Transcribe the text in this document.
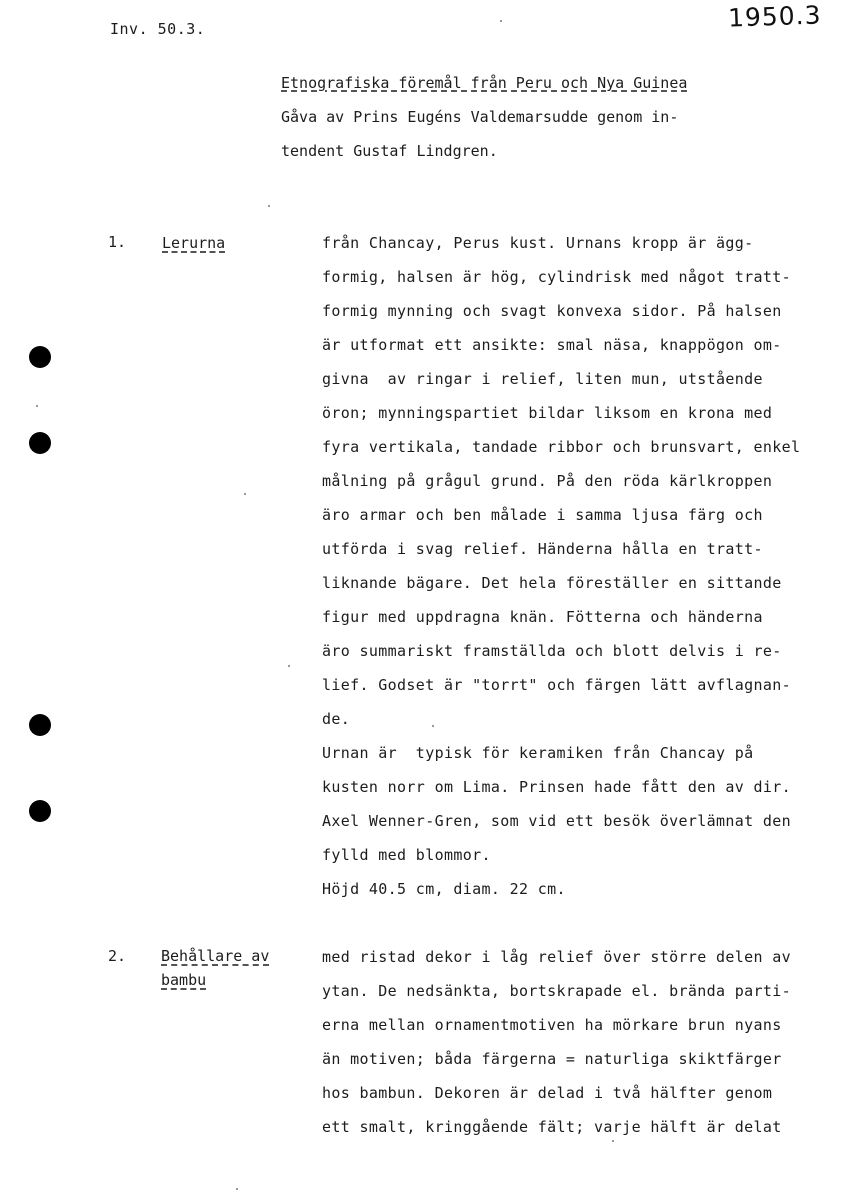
Inv. 50.3.	1950.3
Etnografiska föremål från Peru och Nya Guinea
Gåva av Prins Eugéns Valdemarsudde genom in-
tendent Gustaf Lindgren.
1. Lerurna	från Chancay, Perus kust. Urnans kropp är ägg-
formig, halsen är hög, cylindrisk med något tratt-
formig mynning och svagt konvexa sidor. På halsen
är utformat ett ansikte: smal näsa, knappögon om-
givna  av ringar i relief, liten mun, utstående
öron; mynningspartiet bildar liksom en krona med
fyra vertikala, tandade ribbor och brunsvart, enkel
målning på grågul grund. På den röda kärlkroppen
äro armar och ben målade i samma ljusa färg och
utförda i svag relief. Händerna hålla en tratt-
liknande bägare. Det hela föreställer en sittande
figur med uppdragna knän. Fötterna och händerna
äro summariskt framställda och blott delvis i re-
lief. Godset är "torrt" och färgen lätt avflagnan-
de.
Urnan är  typisk för keramiken från Chancay på
kusten norr om Lima. Prinsen hade fått den av dir.
Axel Wenner-Gren, som vid ett besök överlämnat den
fylld med blommor.
Höjd 40.5 cm, diam. 22 cm.
2. Behållare av
bambu
med ristad dekor i låg relief över större delen av
ytan. De nedsänkta, bortskrapade el. brända parti-
erna mellan ornamentmotiven ha mörkare brun nyans
än motiven; båda färgerna = naturliga skiktfärger
hos bambun. Dekoren är delad i två hälfter genom
ett smalt, kringgående fält; varje hälft är delat
